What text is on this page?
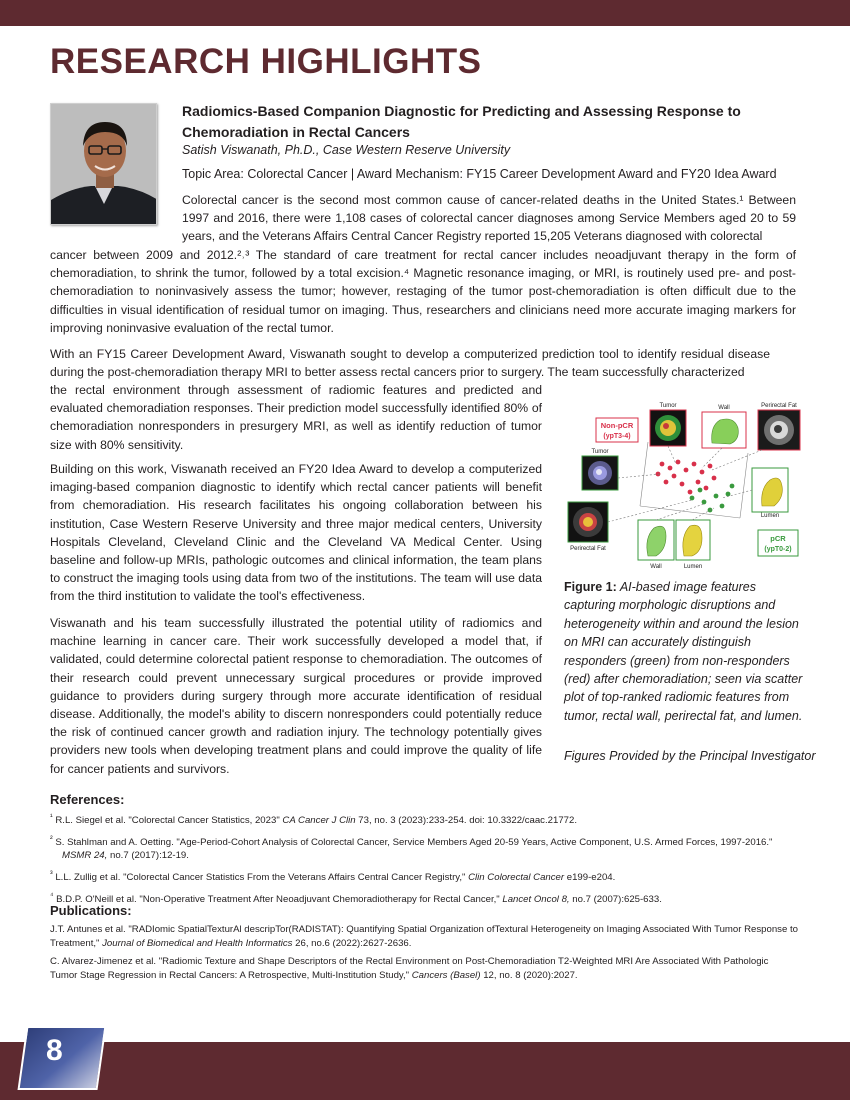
RESEARCH HIGHLIGHTS
Radiomics-Based Companion Diagnostic for Predicting and Assessing Response to Chemoradiation in Rectal Cancers
Satish Viswanath, Ph.D., Case Western Reserve University
Topic Area: Colorectal Cancer | Award Mechanism: FY15 Career Development Award and FY20 Idea Award

Colorectal cancer is the second most common cause of cancer-related deaths in the United States.¹ Between 1997 and 2016, there were 1,108 cases of colorectal cancer diagnoses among Service Members aged 20 to 59 years, and the Veterans Affairs Central Cancer Registry reported 15,205 Veterans diagnosed with colorectal

cancer between 2009 and 2012.²˒³ The standard of care treatment for rectal cancer includes neoadjuvant therapy in the form of chemoradiation, to shrink the tumor, followed by a total excision.⁴ Magnetic resonance imaging, or MRI, is routinely used pre- and post-chemoradiation to noninvasively assess the tumor; however, restaging of the tumor post-chemoradiation is often difficult due to the difficulties in visual identification of residual tumor on imaging. Thus, researchers and clinicians need more accurate imaging markers for improving noninvasive evaluation of the rectal tumor.

With an FY15 Career Development Award, Viswanath sought to develop a computerized prediction tool to identify residual disease during the post-chemoradiation therapy MRI to better assess rectal cancers prior to surgery. The team successfully characterized

the rectal environment through assessment of radiomic features and predicted and evaluated chemoradiation responses. Their prediction model successfully identified 80% of chemoradiation nonresponders in presurgery MRI, as well as identify reduction of tumor size with 80% sensitivity.

Building on this work, Viswanath received an FY20 Idea Award to develop a computerized imaging-based companion diagnostic to identify which rectal cancer patients will benefit from chemoradiation. His research facilitates his ongoing collaboration between his institution, Case Western Reserve University and three major medical centers, University Hospitals Cleveland, Cleveland Clinic and the Cleveland VA Medical Center. Using baseline and follow-up MRIs, pathologic outcomes and clinical information, the team plans to construct the imaging tools using data from two of the institutions. The team will use data from the third institution to validate the tool's effectiveness.

Viswanath and his team successfully illustrated the potential utility of radiomics and machine learning in cancer care. Their work successfully developed a model that, if validated, could determine colorectal patient response to chemoradiation. The outcomes of their research could prevent unnecessary surgical procedures or provide improved guidance to providers during surgery through more accurate identification of residual disease. Additionally, the model's ability to discern nonresponders could potentially reduce the risk of continued cancer growth and radiation injury. The technology potentially gives providers new tools when developing treatment plans and could improve the quality of life for cancer patients and survivors.

Non-pCR
(ypT3-4)
pCR
(ypT0-2)
Tumor	Wall	Perirectal Fat
Tumor
Lumen
Perirectal Fat
Wall	Lumen

Figure 1: AI-based image features capturing morphologic disruptions and heterogeneity within and around the lesion on MRI can accurately distinguish responders (green) from non-responders (red) after chemoradiation; seen via scatter plot of top-ranked radiomic features from tumor, rectal wall, perirectal fat, and lumen.

Figures Provided by the Principal Investigator

References:
$^{^1}$ R.L. Siegel et al. "Colorectal Cancer Statistics, 2023" CA Cancer J Clin 73, no. 3 (2023):233-254. doi: 10.3322/caac.21772.
$^{^2}$ S. Stahlman and A. Oetting. "Age-Period-Cohort Analysis of Colorectal Cancer, Service Members Aged 20-59 Years, Active Component, U.S. Armed Forces, 1997-2016." MSMR 24, no.7 (2017):12-19.
$^{^3}$ L.L. Zullig et al. "Colorectal Cancer Statistics From the Veterans Affairs Central Cancer Registry," Clin Colorectal Cancer e199-e204.
$^{^4}$ B.D.P. O'Neill et al. "Non-Operative Treatment After Neoadjuvant Chemoradiotherapy for Rectal Cancer," Lancet Oncol 8, no.7 (2007):625-633.
Publications:
J.T. Antunes et al. "RADIomic SpatialTexturAl descripTor(RADISTAT): Quantifying Spatial Organization ofTextural Heterogeneity on Imaging Associated With Tumor Response to Treatment," Journal of Biomedical and Health Informatics 26, no.6 (2022):2627-2636.
C. Alvarez-Jimenez et al. "Radiomic Texture and Shape Descriptors of the Rectal Environment on Post-Chemoradiation T2-Weighted MRI Are Associated With Pathologic Tumor Stage Regression in Rectal Cancers: A Retrospective, Multi-Institution Study," Cancers (Basel) 12, no. 8 (2020):2027.
8
